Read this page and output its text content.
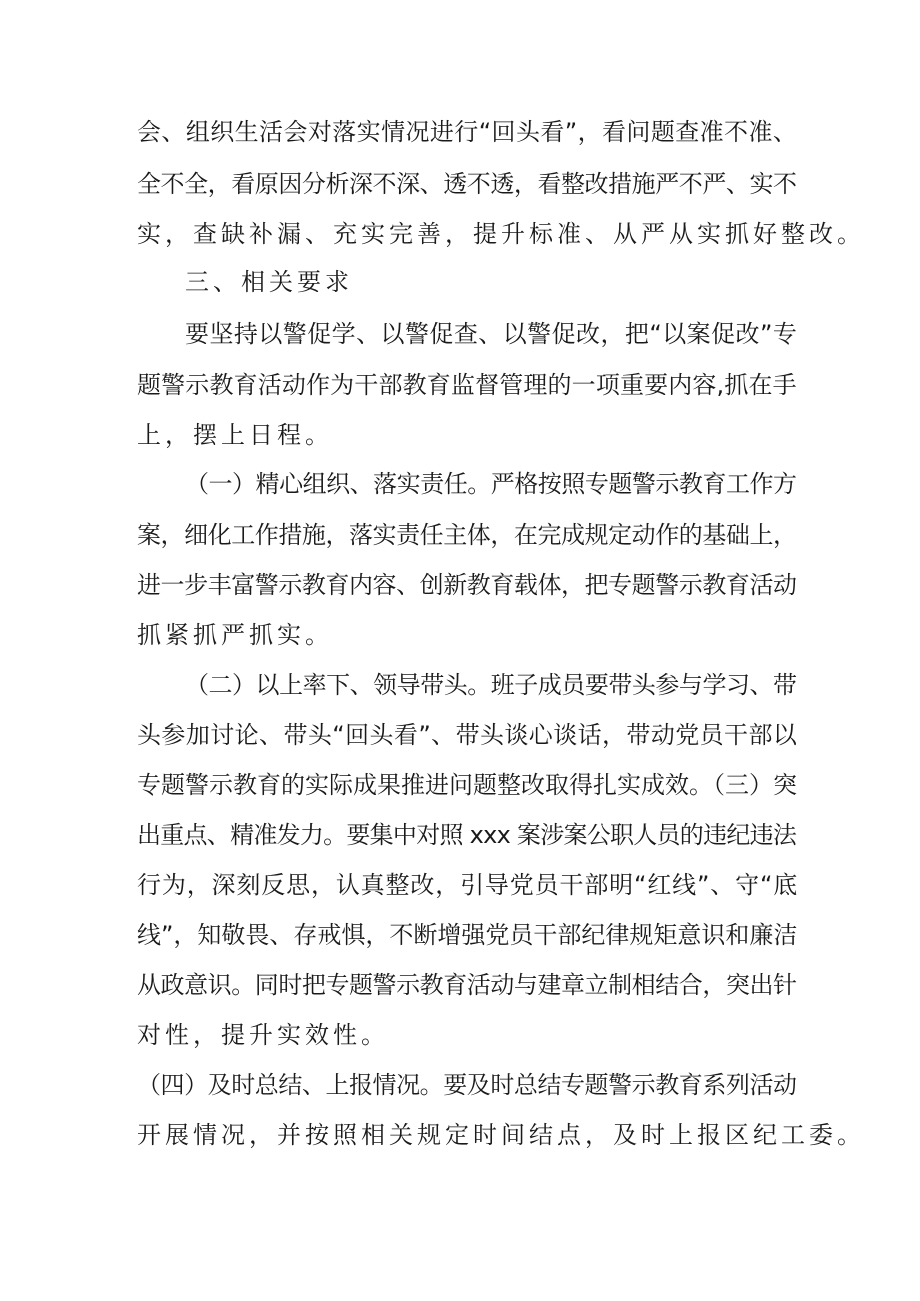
会、组织生活会对落实情况进行“回头看”，看问题查准不准、

全不全，看原因分析深不深、透不透，看整改措施严不严、实不

实，查缺补漏、充实完善，提升标准、从严从实抓好整改。

三、相关要求

要坚持以警促学、以警促查、以警促改，把“以案促改”专

题警示教育活动作为干部教育监督管理的一项重要内容,抓在手

上，摆上日程。

（一）精心组织、落实责任。严格按照专题警示教育工作方

案，细化工作措施，落实责任主体，在完成规定动作的基础上，

进一步丰富警示教育内容、创新教育载体，把专题警示教育活动

抓紧抓严抓实。

（二）以上率下、领导带头。班子成员要带头参与学习、带

头参加讨论、带头“回头看”、带头谈心谈话，带动党员干部以

专题警示教育的实际成果推进问题整改取得扎实成效。（三）突

出重点、精准发力。要集中对照 xxx 案涉案公职人员的违纪违法

行为，深刻反思，认真整改，引导党员干部明“红线”、守“底

线”，知敬畏、存戒惧，不断增强党员干部纪律规矩意识和廉洁

从政意识。同时把专题警示教育活动与建章立制相结合，突出针

对性，提升实效性。

（四）及时总结、上报情况。要及时总结专题警示教育系列活动

开展情况，并按照相关规定时间结点，及时上报区纪工委。
